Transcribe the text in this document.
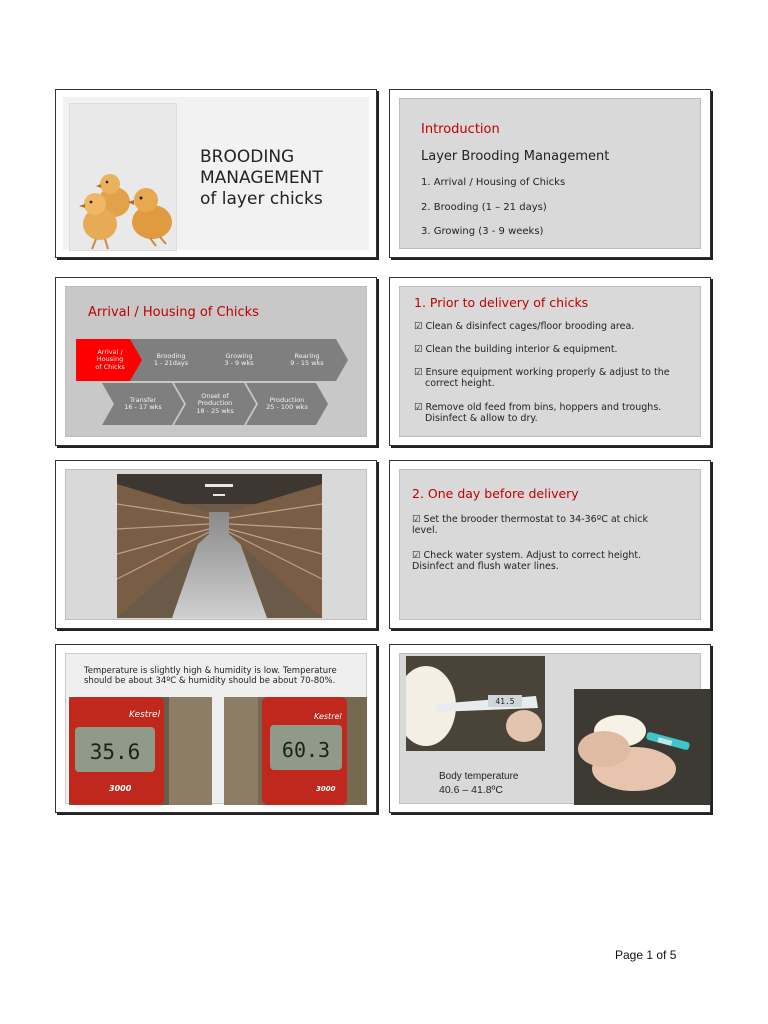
BROODING
MANAGEMENT
of layer chicks
Introduction
Layer Brooding Management
1. Arrival / Housing of Chicks
2. Brooding (1 – 21 days)
3. Growing (3 - 9 weeks)
Arrival / Housing of Chicks
Arrival /
Housing
of Chicks
Brooding
1 - 21days
Growing
3 - 9 wks
Rearing
9 - 15 wks
Transfer
16 - 17 wks
Onset of
Production
18 - 25 wks
Production
25 - 100 wks
1. Prior to delivery of chicks
☑ Clean & disinfect cages/floor brooding area.
☑ Clean the building interior & equipment.
☑ Ensure equipment working properly & adjust to the
correct height.
☑ Remove old feed from bins, hoppers and troughs.
Disinfect & allow to dry.
2. One day before delivery
☑ Set the brooder thermostat to 34-36ºC at chick
level.
☑ Check water system. Adjust to correct height.
Disinfect and flush water lines.
Temperature is slightly high & humidity is low. Temperature
should be about 34ºC & humidity should be about 70-80%.
35.6
Kestrel
3000
60.3
Kestrel
3000
41.5
Body temperature
40.6 – 41.8ºC
Page 1 of 5
